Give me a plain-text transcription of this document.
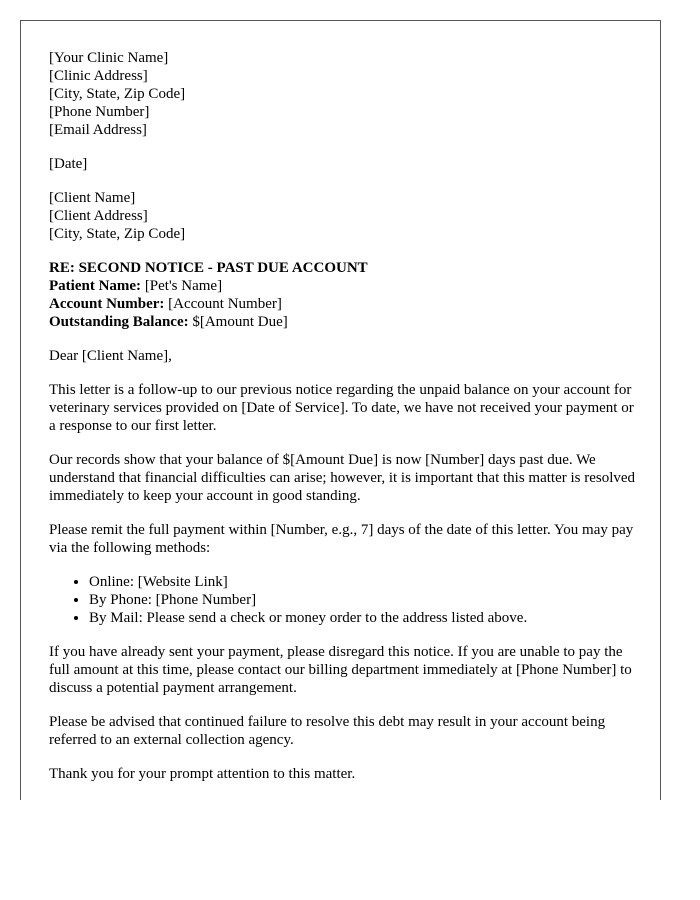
[Your Clinic Name]
[Clinic Address]
[City, State, Zip Code]
[Phone Number]
[Email Address]
[Date]
[Client Name]
[Client Address]
[City, State, Zip Code]
RE: SECOND NOTICE - PAST DUE ACCOUNT
Patient Name: [Pet's Name]
Account Number: [Account Number]
Outstanding Balance: $[Amount Due]

Dear [Client Name],

This letter is a follow-up to our previous notice regarding the unpaid balance on your account for veterinary services provided on [Date of Service]. To date, we have not received your payment or a response to our first letter.

Our records show that your balance of $[Amount Due] is now [Number] days past due. We understand that financial difficulties can arise; however, it is important that this matter is resolved immediately to keep your account in good standing.

Please remit the full payment within [Number, e.g., 7] days of the date of this letter. You may pay via the following methods:

• Online: [Website Link]
• By Phone: [Phone Number]
• By Mail: Please send a check or money order to the address listed above.

If you have already sent your payment, please disregard this notice. If you are unable to pay the full amount at this time, please contact our billing department immediately at [Phone Number] to discuss a potential payment arrangement.

Please be advised that continued failure to resolve this debt may result in your account being referred to an external collection agency.

Thank you for your prompt attention to this matter.
